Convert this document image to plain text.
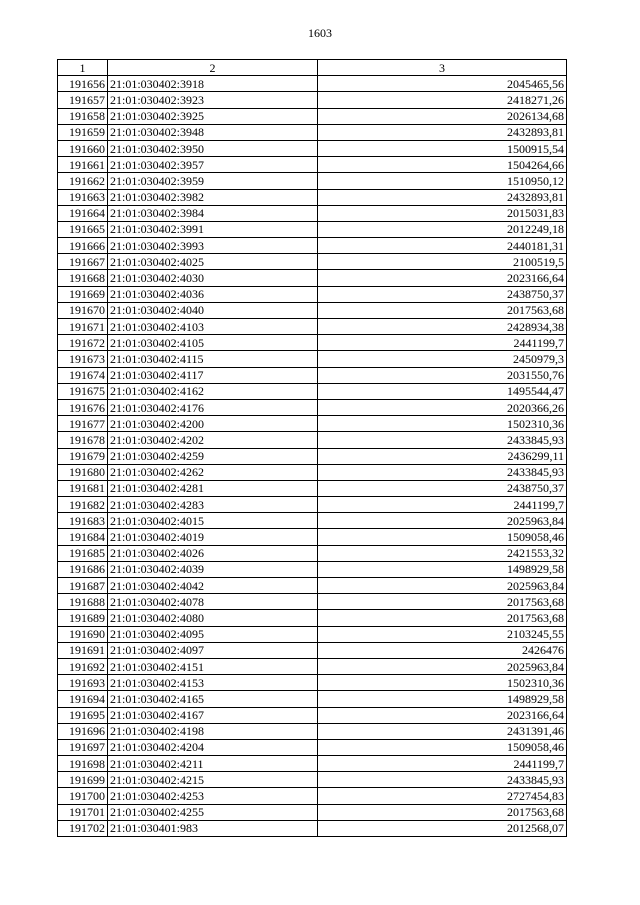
1603
1	2	3
191656	21:01:030402:3918	2045465,56
191657	21:01:030402:3923	2418271,26
191658	21:01:030402:3925	2026134,68
191659	21:01:030402:3948	2432893,81
191660	21:01:030402:3950	1500915,54
191661	21:01:030402:3957	1504264,66
191662	21:01:030402:3959	1510950,12
191663	21:01:030402:3982	2432893,81
191664	21:01:030402:3984	2015031,83
191665	21:01:030402:3991	2012249,18
191666	21:01:030402:3993	2440181,31
191667	21:01:030402:4025	2100519,5
191668	21:01:030402:4030	2023166,64
191669	21:01:030402:4036	2438750,37
191670	21:01:030402:4040	2017563,68
191671	21:01:030402:4103	2428934,38
191672	21:01:030402:4105	2441199,7
191673	21:01:030402:4115	2450979,3
191674	21:01:030402:4117	2031550,76
191675	21:01:030402:4162	1495544,47
191676	21:01:030402:4176	2020366,26
191677	21:01:030402:4200	1502310,36
191678	21:01:030402:4202	2433845,93
191679	21:01:030402:4259	2436299,11
191680	21:01:030402:4262	2433845,93
191681	21:01:030402:4281	2438750,37
191682	21:01:030402:4283	2441199,7
191683	21:01:030402:4015	2025963,84
191684	21:01:030402:4019	1509058,46
191685	21:01:030402:4026	2421553,32
191686	21:01:030402:4039	1498929,58
191687	21:01:030402:4042	2025963,84
191688	21:01:030402:4078	2017563,68
191689	21:01:030402:4080	2017563,68
191690	21:01:030402:4095	2103245,55
191691	21:01:030402:4097	2426476
191692	21:01:030402:4151	2025963,84
191693	21:01:030402:4153	1502310,36
191694	21:01:030402:4165	1498929,58
191695	21:01:030402:4167	2023166,64
191696	21:01:030402:4198	2431391,46
191697	21:01:030402:4204	1509058,46
191698	21:01:030402:4211	2441199,7
191699	21:01:030402:4215	2433845,93
191700	21:01:030402:4253	2727454,83
191701	21:01:030402:4255	2017563,68
191702	21:01:030401:983	2012568,07
